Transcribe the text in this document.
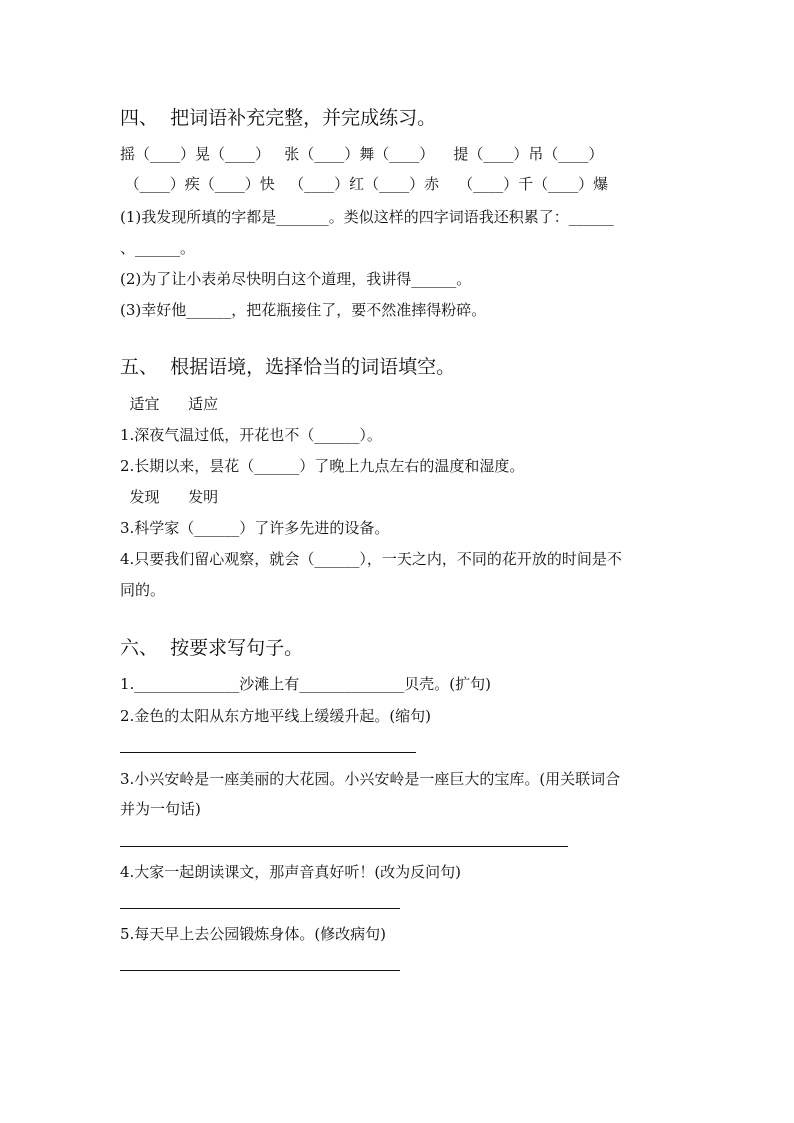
四、  把词语补充完整，并完成练习。
摇（____）晃（____）   张（____）舞（____）    提（____）吊（____）
（____）疾（____）快   （____）红（____）赤    （____）千（____）爆
(1)我发现所填的字都是_______。类似这样的四字词语我还积累了：______
、______。
(2)为了让小表弟尽快明白这个道理，我讲得______。
(3)幸好他______，把花瓶接住了，要不然准摔得粉碎。
五、  根据语境，选择恰当的词语填空。
适宜      适应
1.深夜气温过低，开花也不（______）。
2.长期以来，昙花（______）了晚上九点左右的温度和湿度。
发现      发明
3.科学家（______）了许多先进的设备。
4.只要我们留心观察，就会（______），一天之内，不同的花开放的时间是不
同的。
六、  按要求写句子。
1.______________沙滩上有______________贝壳。(扩句)
2.金色的太阳从东方地平线上缓缓升起。(缩句)
3.小兴安岭是一座美丽的大花园。小兴安岭是一座巨大的宝库。(用关联词合
并为一句话)
4.大家一起朗读课文，那声音真好听！(改为反问句)
5.每天早上去公园锻炼身体。(修改病句)
